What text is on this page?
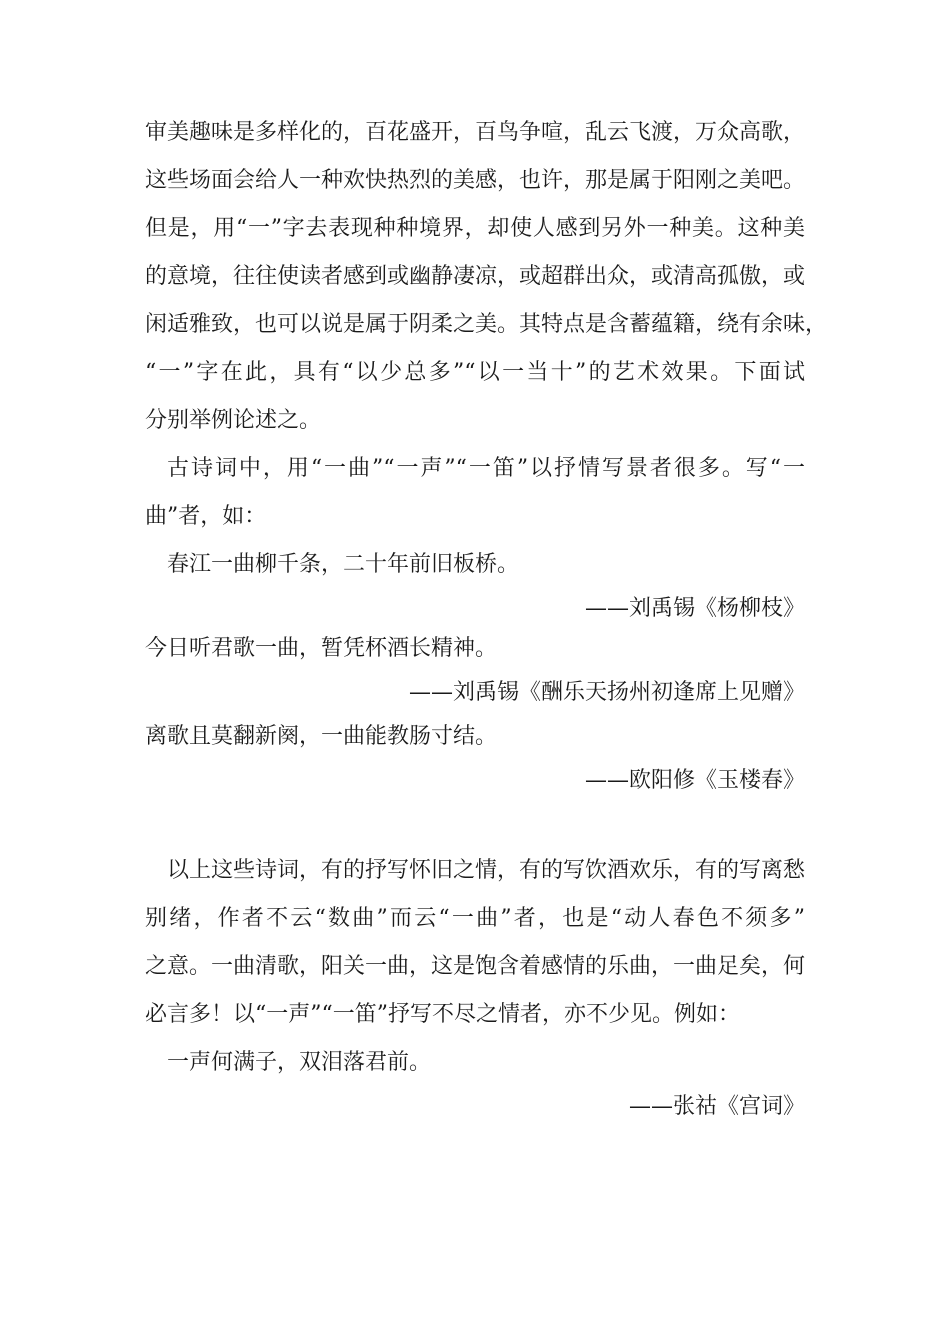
审美趣味是多样化的，百花盛开，百鸟争喧，乱云飞渡，万众高歌，
这些场面会给人一种欢快热烈的美感，也许，那是属于阳刚之美吧。
但是，用“一”字去表现种种境界，却使人感到另外一种美。这种美
的意境，往往使读者感到或幽静凄凉，或超群出众，或清高孤傲，或
闲适雅致，也可以说是属于阴柔之美。其特点是含蓄蕴籍，绕有余味，
“一”字在此，具有“以少总多”“以一当十”的艺术效果。下面试
分别举例论述之。
古诗词中，用“一曲”“一声”“一笛”以抒情写景者很多。写“一
曲”者，如：
春江一曲柳千条，二十年前旧板桥。
——刘禹锡《杨柳枝》
今日听君歌一曲，暂凭杯酒长精神。
——刘禹锡《酬乐天扬州初逢席上见赠》
离歌且莫翻新阕，一曲能教肠寸结。
——欧阳修《玉楼春》
以上这些诗词，有的抒写怀旧之情，有的写饮酒欢乐，有的写离愁
别绪，作者不云“数曲”而云“一曲”者，也是“动人春色不须多”
之意。一曲清歌，阳关一曲，这是饱含着感情的乐曲，一曲足矣，何
必言多！以“一声”“一笛”抒写不尽之情者，亦不少见。例如：
一声何满子，双泪落君前。
——张祜《宫词》
